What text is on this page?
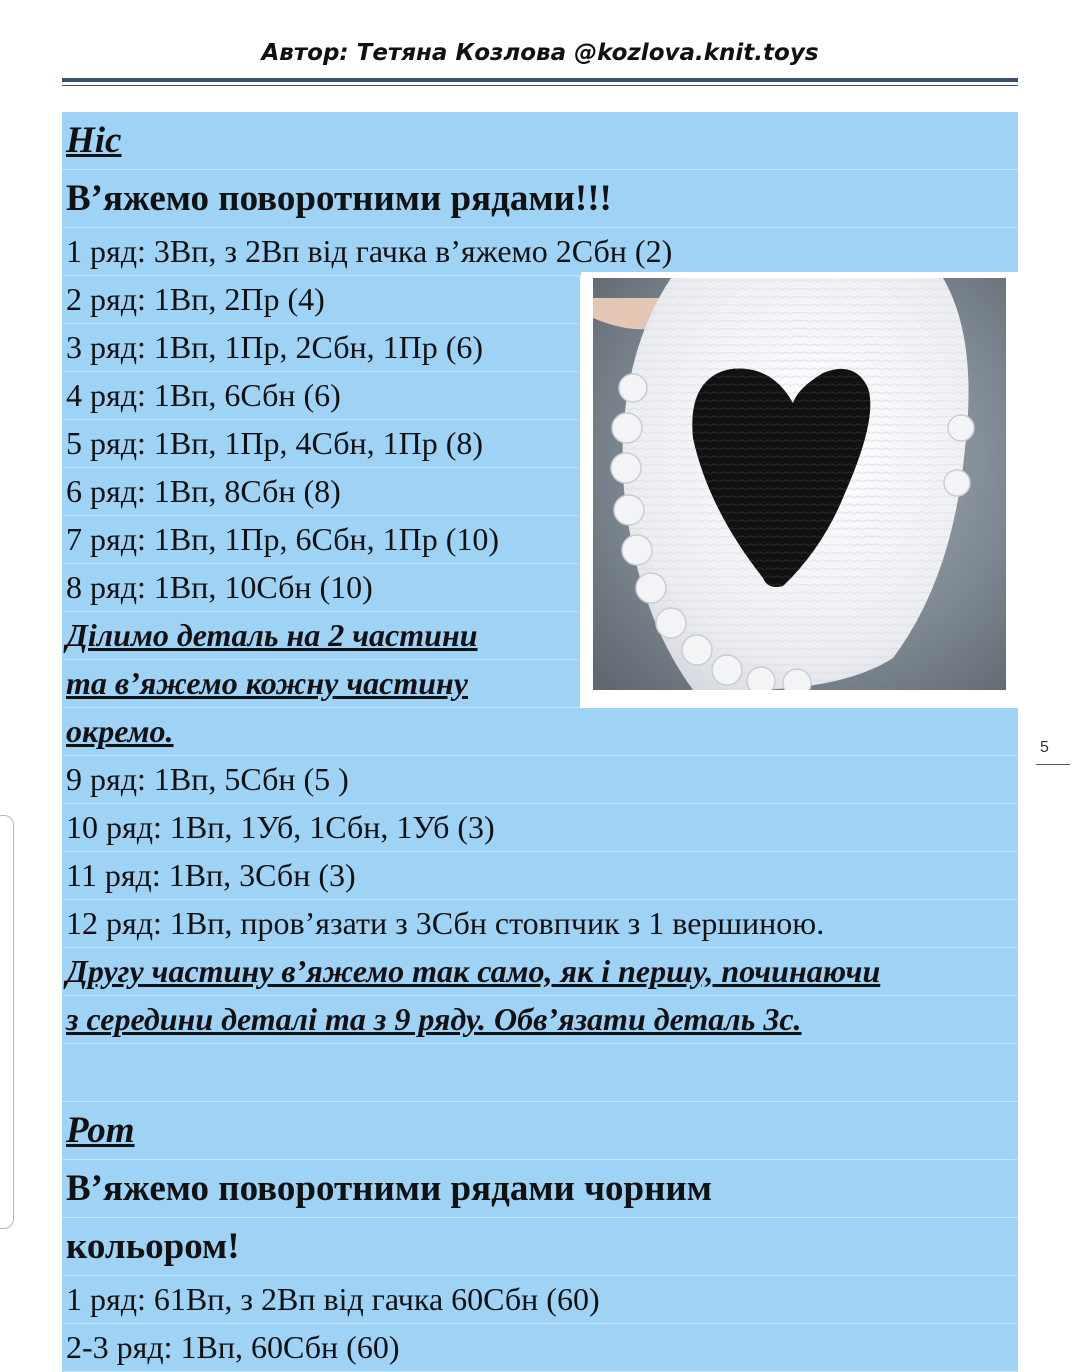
Автор: Тетяна Козлова @kozlova.knit.toys
Ніс
В’яжемо поворотними рядами!!!
1 ряд: 3Вп, з 2Вп від гачка в’яжемо 2Сбн (2)
2 ряд: 1Вп, 2Пр (4)
3 ряд: 1Вп, 1Пр, 2Сбн, 1Пр (6)
4 ряд: 1Вп, 6Сбн (6)
5 ряд: 1Вп, 1Пр, 4Сбн, 1Пр (8)
6 ряд: 1Вп, 8Сбн (8)
7 ряд: 1Вп, 1Пр, 6Сбн, 1Пр (10)
8 ряд: 1Вп, 10Сбн (10)
Ділимо деталь на 2 частини
та в’яжемо кожну частину
окремо.
9 ряд: 1Вп, 5Сбн (5 )
10 ряд: 1Вп, 1Уб, 1Сбн, 1Уб (3)
11 ряд: 1Вп, 3Сбн (3)
12 ряд: 1Вп, пров’язати з 3Сбн стовпчик з 1 вершиною.
Другу частину в’яжемо так само, як і першу, починаючи
з середини деталі та з 9 ряду. Обв’язати деталь 3с.
Рот
В’яжемо поворотними рядами чорним
кольором!
1 ряд: 61Вп, з 2Вп від гачка 60Сбн (60)
2-3 ряд: 1Вп, 60Сбн (60)
5
